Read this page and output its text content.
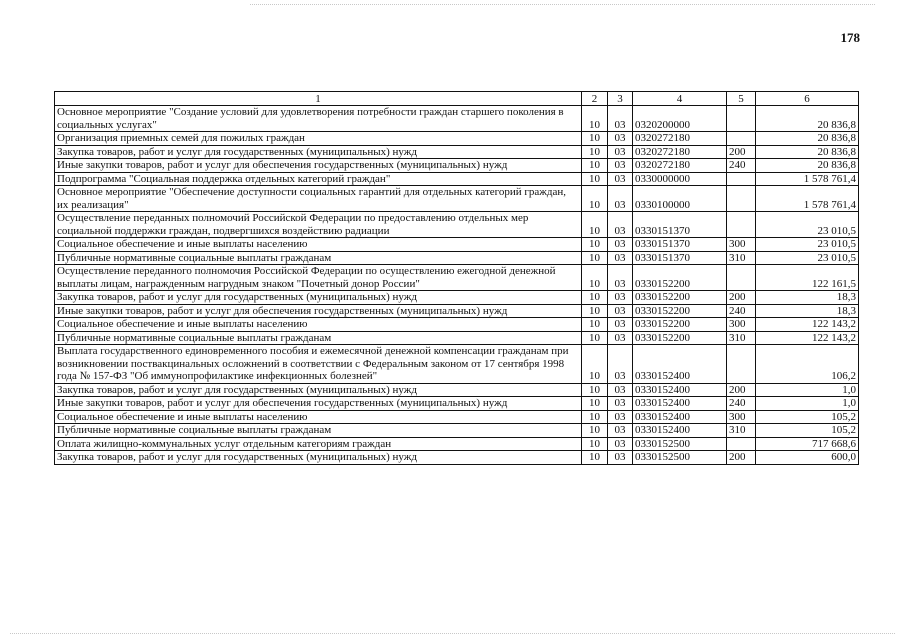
178
1	2	3	4	5	6
Основное мероприятие "Создание условий для удовлетворения потребности граждан старшего поколения в социальных услугах"	10	03	0320200000		20 836,8
Организация приемных семей для пожилых граждан	10	03	0320272180		20 836,8
Закупка товаров, работ и услуг для государственных (муниципальных) нужд	10	03	0320272180	200	20 836,8
Иные закупки товаров, работ и услуг для обеспечения государственных (муниципальных) нужд	10	03	0320272180	240	20 836,8
Подпрограмма "Социальная поддержка отдельных категорий граждан"	10	03	0330000000		1 578 761,4
Основное мероприятие "Обеспечение доступности социальных гарантий для отдельных категорий граждан, их реализация"	10	03	0330100000		1 578 761,4
Осуществление переданных полномочий Российской Федерации по предоставлению отдельных мер социальной поддержки граждан, подвергшихся воздействию радиации	10	03	0330151370		23 010,5
Социальное обеспечение и иные выплаты населению	10	03	0330151370	300	23 010,5
Публичные нормативные социальные выплаты гражданам	10	03	0330151370	310	23 010,5
Осуществление переданного полномочия Российской Федерации по осуществлению ежегодной денежной выплаты лицам, награжденным нагрудным знаком "Почетный донор России"	10	03	0330152200		122 161,5
Закупка товаров, работ и услуг для государственных (муниципальных) нужд	10	03	0330152200	200	18,3
Иные закупки товаров, работ и услуг для обеспечения государственных (муниципальных) нужд	10	03	0330152200	240	18,3
Социальное обеспечение и иные выплаты населению	10	03	0330152200	300	122 143,2
Публичные нормативные социальные выплаты гражданам	10	03	0330152200	310	122 143,2
Выплата государственного единовременного пособия и ежемесячной денежной компенсации гражданам при возникновении поствакцинальных осложнений в соответствии с Федеральным законом от 17 сентября 1998 года № 157-ФЗ "Об иммунопрофилактике инфекционных болезней"	10	03	0330152400		106,2
Закупка товаров, работ и услуг для государственных (муниципальных) нужд	10	03	0330152400	200	1,0
Иные закупки товаров, работ и услуг для обеспечения государственных (муниципальных) нужд	10	03	0330152400	240	1,0
Социальное обеспечение и иные выплаты населению	10	03	0330152400	300	105,2
Публичные нормативные социальные выплаты гражданам	10	03	0330152400	310	105,2
Оплата жилищно-коммунальных услуг отдельным категориям граждан	10	03	0330152500		717 668,6
Закупка товаров, работ и услуг для государственных (муниципальных) нужд	10	03	0330152500	200	600,0
